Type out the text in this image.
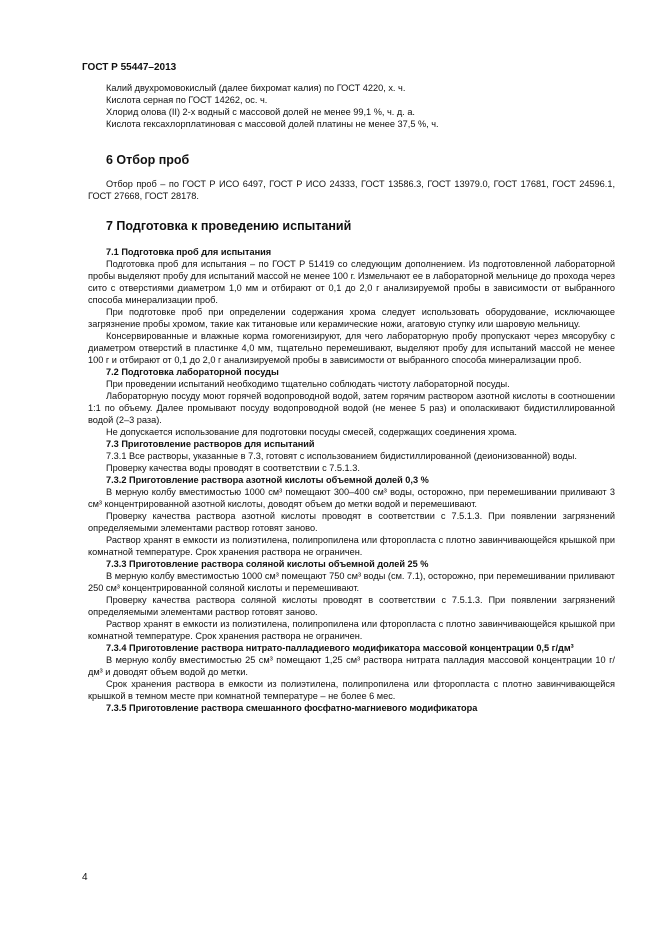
ГОСТ Р 55447–2013

Калий двухромовокислый (далее бихромат калия) по ГОСТ 4220, х. ч.

Кислота серная по ГОСТ 14262, ос. ч.

Хлорид олова (II) 2-х водный с массовой долей не менее 99,1 %, ч. д. а.

Кислота гексахлорплатиновая с массовой долей платины не менее 37,5 %, ч.

6 Отбор проб

Отбор проб – по ГОСТ Р ИСО 6497, ГОСТ Р ИСО 24333, ГОСТ 13586.3, ГОСТ 13979.0, ГОСТ 17681, ГОСТ 24596.1, ГОСТ 27668, ГОСТ 28178.

7 Подготовка к проведению испытаний

7.1 Подготовка проб для испытания

Подготовка проб для испытания – по ГОСТ Р 51419 со следующим дополнением. Из подготовленной лабораторной пробы выделяют пробу для испытаний массой не менее 100 г. Измельчают ее в лабораторной мельнице до прохода через сито с отверстиями диаметром 1,0 мм и отбирают от 0,1 до 2,0 г анализируемой пробы в зависимости от выбранного способа минерализации проб.

При подготовке проб при определении содержания хрома следует использовать оборудование, исключающее загрязнение пробы хромом, такие как титановые или керамические ножи, агатовую ступку или шаровую мельницу.

Консервированные и влажные корма гомогенизируют, для чего лабораторную пробу пропускают через мясорубку с диаметром отверстий в пластинке 4,0 мм, тщательно перемешивают, выделяют пробу для испытаний массой не менее 100 г и отбирают от 0,1 до 2,0 г анализируемой пробы в зависимости от выбранного способа минерализации проб.

7.2 Подготовка лабораторной посуды

При проведении испытаний необходимо тщательно соблюдать чистоту лабораторной посуды.

Лабораторную посуду моют горячей водопроводной водой, затем горячим раствором азотной кислоты в соотношении 1:1 по объему. Далее промывают посуду водопроводной водой (не менее 5 раз) и ополаскивают бидистиллированной водой (2–3 раза).

Не допускается использование для подготовки посуды смесей, содержащих соединения хрома.

7.3 Приготовление растворов для испытаний

7.3.1 Все растворы, указанные в 7.3, готовят с использованием бидистиллированной (деионизованной) воды.

Проверку качества воды проводят в соответствии с 7.5.1.3.

7.3.2 Приготовление раствора азотной кислоты объемной долей 0,3 %

В мерную колбу вместимостью 1000 см³ помещают 300–400 см³ воды, осторожно, при перемешивании приливают 3 см³ концентрированной азотной кислоты, доводят объем до метки водой и перемешивают.

Проверку качества раствора азотной кислоты проводят в соответствии с 7.5.1.3. При появлении загрязнений определяемыми элементами раствор готовят заново.

Раствор хранят в емкости из полиэтилена, полипропилена или фторопласта с плотно завинчивающейся крышкой при комнатной температуре. Срок хранения раствора не ограничен.

7.3.3 Приготовление раствора соляной кислоты объемной долей 25 %

В мерную колбу вместимостью 1000 см³ помещают 750 см³ воды (см. 7.1), осторожно, при перемешивании приливают 250 см³ концентрированной соляной кислоты и перемешивают.

Проверку качества раствора соляной кислоты проводят в соответствии с 7.5.1.3. При появлении загрязнений определяемыми элементами раствор готовят заново.

Раствор хранят в емкости из полиэтилена, полипропилена или фторопласта с плотно завинчивающейся крышкой при комнатной температуре. Срок хранения раствора не ограничен.

7.3.4 Приготовление раствора нитрато-палладиевого модификатора массовой концентрации 0,5 г/дм³

В мерную колбу вместимостью 25 см³ помещают 1,25 см³ раствора нитрата палладия массовой концентрации 10 г/дм³ и доводят объем водой до метки.

Срок хранения раствора в емкости из полиэтилена, полипропилена или фторопласта с плотно завинчивающейся крышкой в темном месте при комнатной температуре – не более 6 мес.

7.3.5 Приготовление раствора смешанного фосфатно-магниевого модификатора

4
